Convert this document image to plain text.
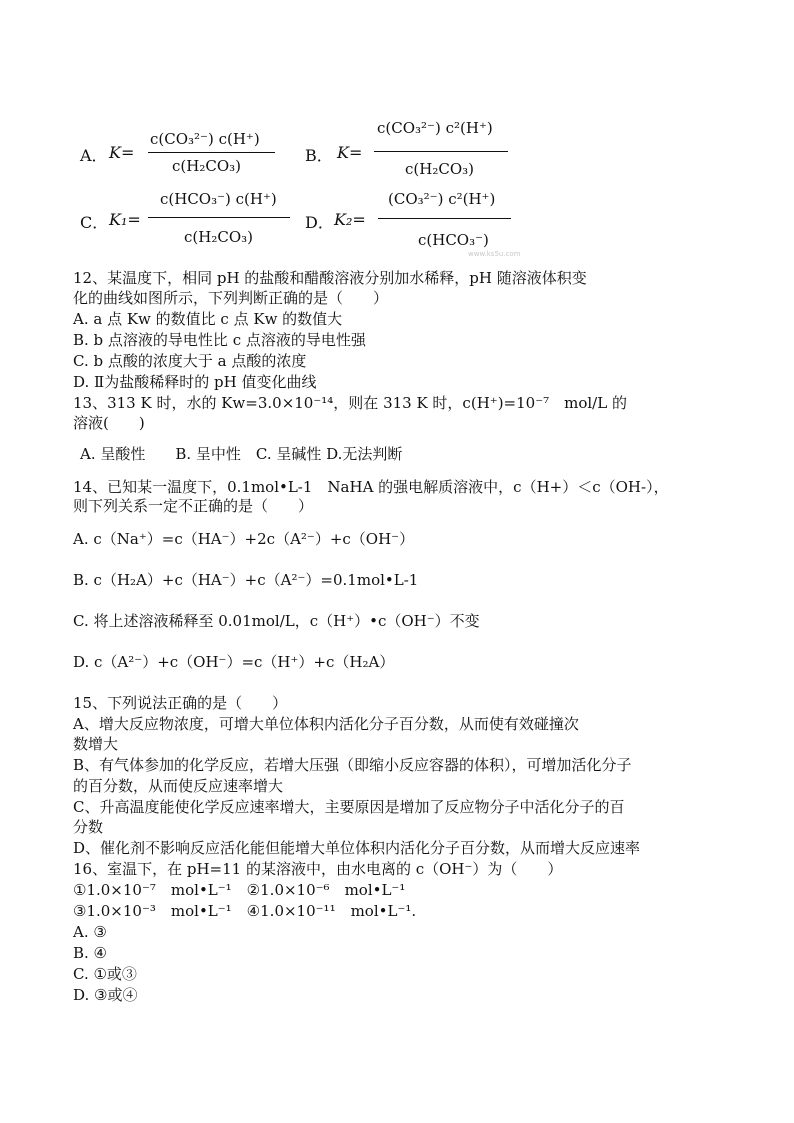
A． K=
c(CO₃²⁻) c(H⁺)
c(H₂CO₃)
B． K=
c(CO₃²⁻) c²(H⁺)
c(H₂CO₃)
C． K₁=
c(HCO₃⁻) c(H⁺)
c(H₂CO₃)
D． K₂=
(CO₃²⁻) c²(H⁺)
c(HCO₃⁻)
www.ks5u.com
12、某温度下，相同 pH 的盐酸和醋酸溶液分别加水稀释，pH 随溶液体积变
化的曲线如图所示，下列判断正确的是（　　）
A. a 点 Kw 的数值比 c 点 Kw 的数值大
B. b 点溶液的导电性比 c 点溶液的导电性强
C. b 点酸的浓度大于 a 点酸的浓度
D. Ⅱ为盐酸稀释时的 pH 值变化曲线
13、313 K 时，水的 Kw=3.0×10⁻¹⁴，则在 313 K 时，c(H⁺)=10⁻⁷　mol/L 的
溶液(　　)
A. 呈酸性　　B. 呈中性　C. 呈碱性 D.无法判断
14、已知某一温度下，0.1mol•L-1　NaHA 的强电解质溶液中，c（H+）＜c（OH-），
则下列关系一定不正确的是（　　）
A. c（Na⁺）=c（HA⁻）+2c（A²⁻）+c（OH⁻）
B. c（H₂A）+c（HA⁻）+c（A²⁻）=0.1mol•L-1
C. 将上述溶液稀释至 0.01mol/L，c（H⁺）•c（OH⁻）不变
D. c（A²⁻）+c（OH⁻）=c（H⁺）+c（H₂A）
15、下列说法正确的是（　　）
A、增大反应物浓度，可增大单位体积内活化分子百分数，从而使有效碰撞次
数增大
B、有气体参加的化学反应，若增大压强（即缩小反应容器的体积），可增加活化分子
的百分数，从而使反应速率增大
C、升高温度能使化学反应速率增大，主要原因是增加了反应物分子中活化分子的百
分数
D、催化剂不影响反应活化能但能增大单位体积内活化分子百分数，从而增大反应速率
16、室温下，在 pH=11 的某溶液中，由水电离的 c（OH⁻）为（　　）
①1.0×10⁻⁷　mol•L⁻¹　②1.0×10⁻⁶　mol•L⁻¹
③1.0×10⁻³　mol•L⁻¹　④1.0×10⁻¹¹　mol•L⁻¹.
A. ③
B. ④
C. ①或③
D. ③或④
